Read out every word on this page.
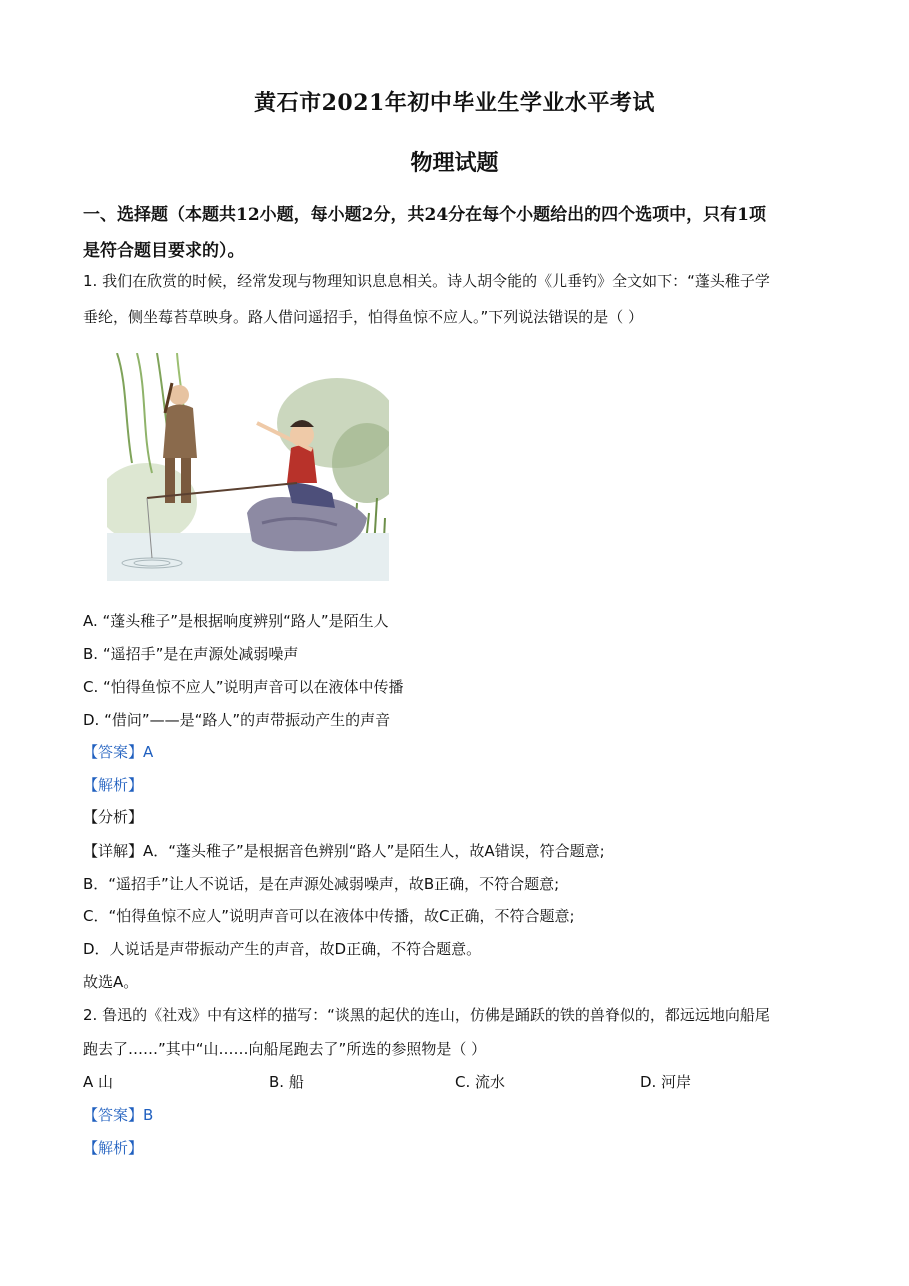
黄石市2021年初中毕业生学业水平考试
物理试题
一、选择题（本题共12小题，每小题2分，共24分在每个小题给出的四个选项中，只有1项
是符合题目要求的）。
1. 我们在欣赏的时候，经常发现与物理知识息息相关。诗人胡令能的《儿垂钓》全文如下：“蓬头稚子学
垂纶，侧坐莓苔草映身。路人借问遥招手，怕得鱼惊不应人。”下列说法错误的是（ ）
A. “蓬头稚子”是根据响度辨别“路人”是陌生人
B. “遥招手”是在声源处减弱噪声
C. “怕得鱼惊不应人”说明声音可以在液体中传播
D. “借问”——是“路人”的声带振动产生的声音
【答案】A
【解析】
【分析】
【详解】A．“蓬头稚子”是根据音色辨别“路人”是陌生人，故A错误，符合题意;
B．“遥招手”让人不说话，是在声源处减弱噪声，故B正确，不符合题意;
C．“怕得鱼惊不应人”说明声音可以在液体中传播，故C正确，不符合题意;
D．人说话是声带振动产生的声音，故D正确，不符合题意。
故选A。
2. 鲁迅的《社戏》中有这样的描写：“谈黑的起伏的连山，仿佛是踊跃的铁的兽脊似的，都远远地向船尾
跑去了……”其中“山……向船尾跑去了”所选的参照物是（ ）
A 山	B. 船	C. 流水	D. 河岸
【答案】B
【解析】
